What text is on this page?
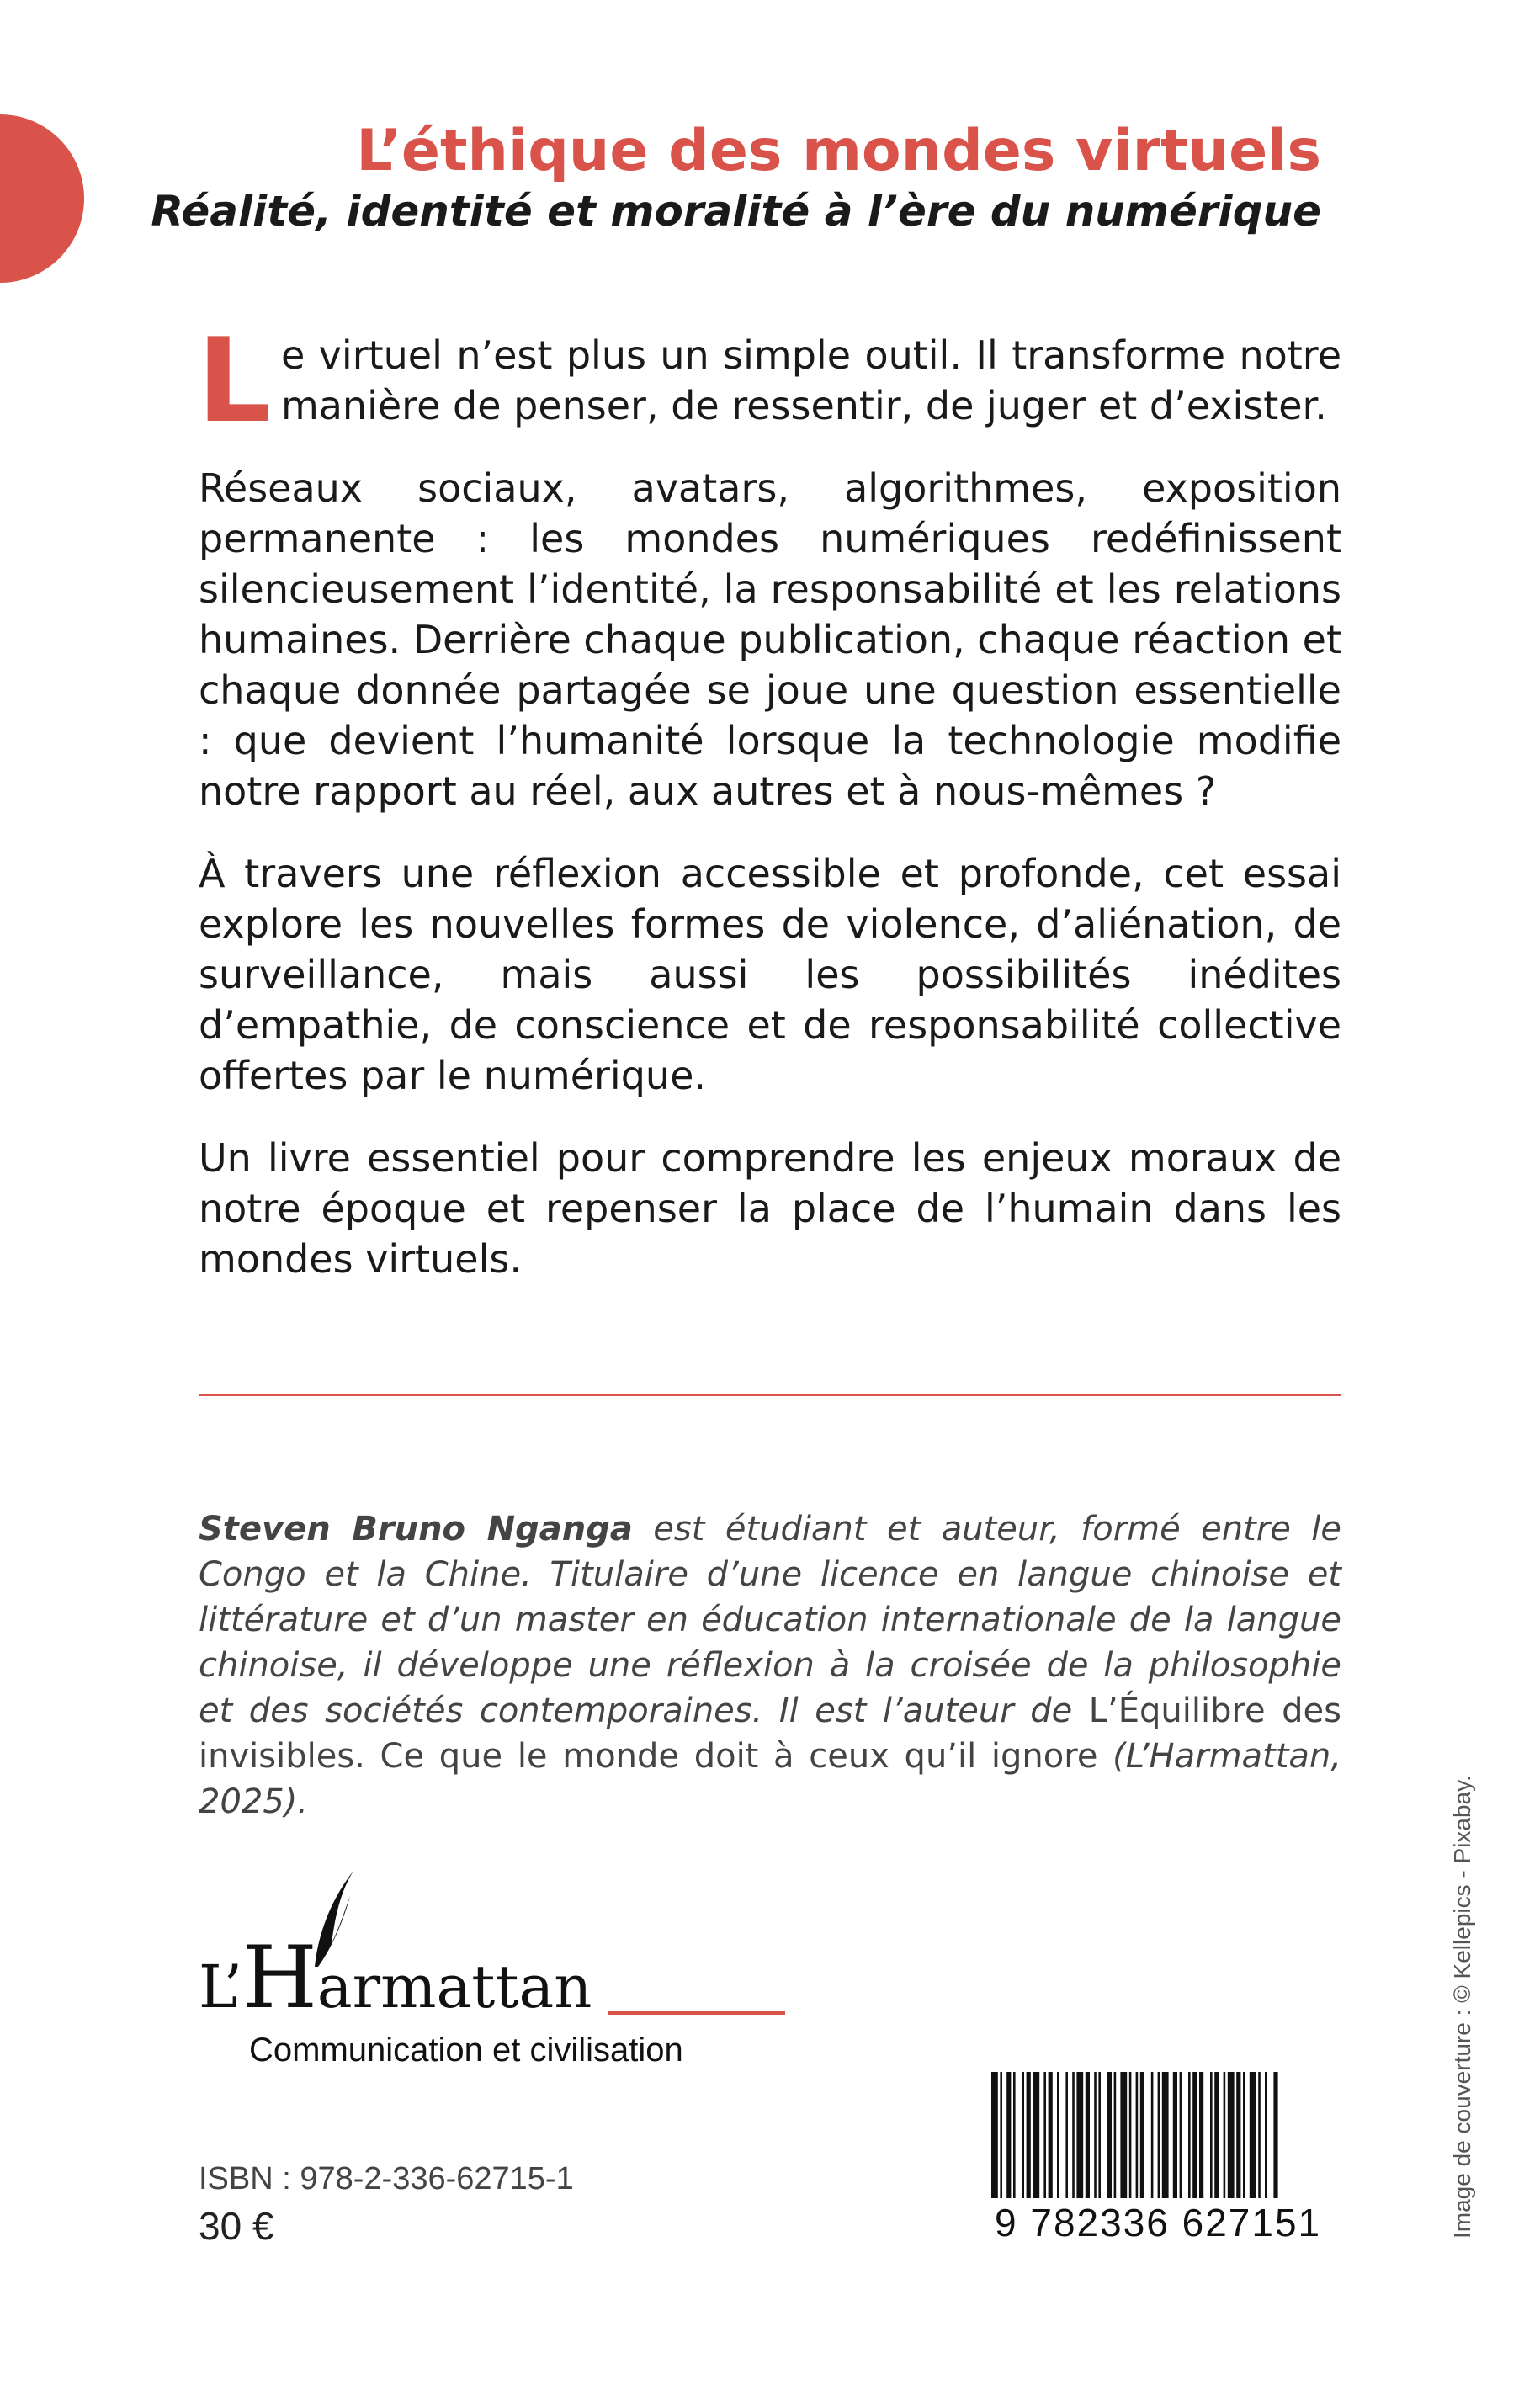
L’éthique des mondes virtuels
Réalité, identité et moralité à l’ère du numérique

Le virtuel n’est plus un simple outil. Il transforme notre manière de penser, de ressentir, de juger et d’exister.

Réseaux sociaux, avatars, algorithmes, exposition permanente : les mondes numériques redéfinissent silencieusement l’identité, la responsabilité et les relations humaines. Derrière chaque publication, chaque réaction et chaque donnée partagée se joue une question essentielle : que devient l’humanité lorsque la technologie modifie notre rapport au réel, aux autres et à nous-mêmes ?

À travers une réflexion accessible et profonde, cet essai explore les nouvelles formes de violence, d’aliénation, de surveillance, mais aussi les possibilités inédites d’empathie, de conscience et de responsabilité collective offertes par le numérique.

Un livre essentiel pour comprendre les enjeux moraux de notre époque et repenser la place de l’humain dans les mondes virtuels.

Steven Bruno Nganga est étudiant et auteur, formé entre le Congo et la Chine. Titulaire d’une licence en langue chinoise et littérature et d’un master en éducation internationale de la langue chinoise, il développe une réflexion à la croisée de la philosophie et des sociétés contemporaines. Il est l’auteur de L’Équilibre des invisibles. Ce que le monde doit à ceux qu’il ignore (L’Harmattan, 2025).
L’Harmattan
Communication et civilisation
ISBN : 978-2-336-62715-1
30 €	9 782336 627151	Image de couverture : © Kellepics - Pixabay.
